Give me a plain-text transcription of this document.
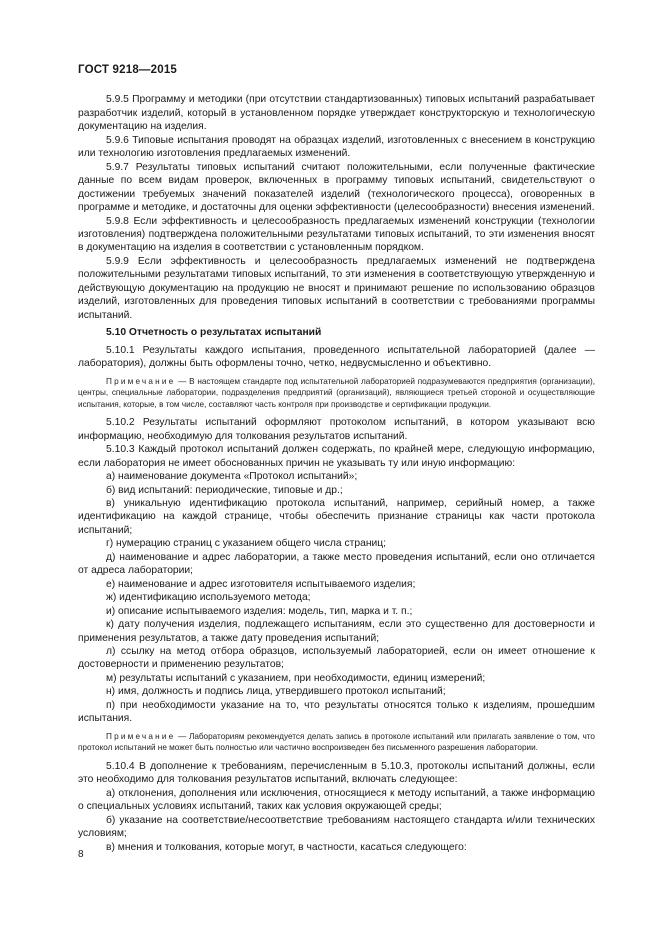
ГОСТ 9218—2015
5.9.5 Программу и методики (при отсутствии стандартизованных) типовых испытаний разрабатывает разработчик изделий, который в установленном порядке утверждает конструкторскую и технологическую документацию на изделия.
5.9.6 Типовые испытания проводят на образцах изделий, изготовленных с внесением в конструкцию или технологию изготовления предлагаемых изменений.
5.9.7 Результаты типовых испытаний считают положительными, если полученные фактические данные по всем видам проверок, включенных в программу типовых испытаний, свидетельствуют о достижении требуемых значений показателей изделий (технологического процесса), оговоренных в программе и методике, и достаточны для оценки эффективности (целесообразности) внесения изменений.
5.9.8 Если эффективность и целесообразность предлагаемых изменений конструкции (технологии изготовления) подтверждена положительными результатами типовых испытаний, то эти изменения вносят в документацию на изделия в соответствии с установленным порядком.
5.9.9 Если эффективность и целесообразность предлагаемых изменений не подтверждена положительными результатами типовых испытаний, то эти изменения в соответствующую утвержденную и действующую документацию на продукцию не вносят и принимают решение по использованию образцов изделий, изготовленных для проведения типовых испытаний в соответствии с требованиями программы испытаний.
5.10 Отчетность о результатах испытаний
5.10.1 Результаты каждого испытания, проведенного испытательной лабораторией (далее — лаборатория), должны быть оформлены точно, четко, недвусмысленно и объективно.
Примечание — В настоящем стандарте под испытательной лабораторией подразумеваются предприятия (организации), центры, специальные лаборатории, подразделения предприятий (организаций), являющиеся третьей стороной и осуществляющие испытания, которые, в том числе, составляют часть контроля при производстве и сертификации продукции.
5.10.2 Результаты испытаний оформляют протоколом испытаний, в котором указывают всю информацию, необходимую для толкования результатов испытаний.
5.10.3 Каждый протокол испытаний должен содержать, по крайней мере, следующую информацию, если лаборатория не имеет обоснованных причин не указывать ту или иную информацию:
а) наименование документа «Протокол испытаний»;
б) вид испытаний: периодические, типовые и др.;
в) уникальную идентификацию протокола испытаний, например, серийный номер, а также идентификацию на каждой странице, чтобы обеспечить признание страницы как части протокола испытаний;
г) нумерацию страниц с указанием общего числа страниц;
д) наименование и адрес лаборатории, а также место проведения испытаний, если оно отличается от адреса лаборатории;
е) наименование и адрес изготовителя испытываемого изделия;
ж) идентификацию используемого метода;
и) описание испытываемого изделия: модель, тип, марка и т. п.;
к) дату получения изделия, подлежащего испытаниям, если это существенно для достоверности и применения результатов, а также дату проведения испытаний;
л) ссылку на метод отбора образцов, используемый лабораторией, если он имеет отношение к достоверности и применению результатов;
м) результаты испытаний с указанием, при необходимости, единиц измерений;
н) имя, должность и подпись лица, утвердившего протокол испытаний;
п) при необходимости указание на то, что результаты относятся только к изделиям, прошедшим испытания.
Примечание — Лабораториям рекомендуется делать запись в протоколе испытаний или прилагать заявление о том, что протокол испытаний не может быть полностью или частично воспроизведен без письменного разрешения лаборатории.
5.10.4 В дополнение к требованиям, перечисленным в 5.10.3, протоколы испытаний должны, если это необходимо для толкования результатов испытаний, включать следующее:
а) отклонения, дополнения или исключения, относящиеся к методу испытаний, а также информацию о специальных условиях испытаний, таких как условия окружающей среды;
б) указание на соответствие/несоответствие требованиям настоящего стандарта и/или технических условиям;
в) мнения и толкования, которые могут, в частности, касаться следующего:
8
